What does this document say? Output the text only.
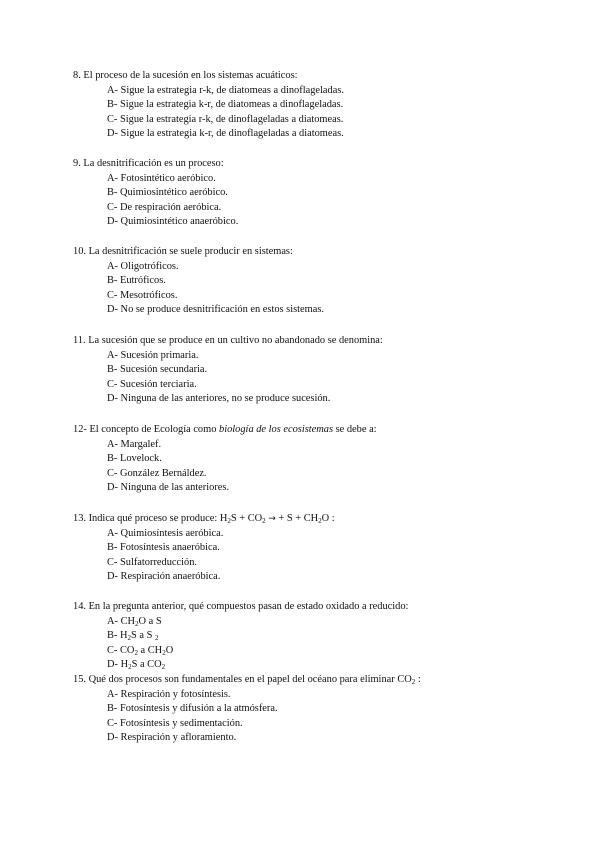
8. El proceso de la sucesión en los sistemas acuáticos:
A- Sigue la estrategia r-k, de diatomeas a dinoflageladas.
B- Sigue la estrategia k-r, de diatomeas a dinoflageladas.
C- Sigue la estrategia r-k, de dinoflageladas a diatomeas.
D- Sigue la estrategia k-r, de dinoflageladas a diatomeas.
9. La desnitrificación es un proceso:
A- Fotosintético aeróbico.
B- Quimiosintético aeróbico.
C- De respiración aeróbica.
D- Quimiosintético anaeróbico.
10. La desnitrificación se suele producir en sistemas:
A- Oligotróficos.
B- Eutróficos.
C- Mesotróficos.
D- No se produce desnitrificación en estos sistemas.
11. La sucesión que se produce en un cultivo no abandonado se denomina:
A- Sucesión primaria.
B- Sucesión secundaria.
C- Sucesión terciaria.
D- Ninguna de las anteriores, no se produce sucesión.
12- El concepto de Ecología como biología de los ecosistemas se debe a:
A- Margalef.
B- Lovelock.
C- González Bernáldez.
D- Ninguna de las anteriores.
13. Indica qué proceso se produce: $H_2S + CO_2$ → + $S + CH_2O$ :
A- Quimiosíntesis aeróbica.
B- Fotosíntesis anaeróbica.
C- Sulfatorreducción.
D- Respiración anaeróbica.
14. En la pregunta anterior, qué compuestos pasan de estado oxidado a reducido:
A- $CH_2O$ a S
B- $H_2S$ a S $_2$
C- $CO_2$ a $CH_2O$
D- $H_2S$ a $CO_2$
15. Qué dos procesos son fundamentales en el papel del océano para eliminar $CO_2$ :
A- Respiración y fotosíntesis.
B- Fotosíntesis y difusión a la atmósfera.
C- Fotosíntesis y sedimentación.
D- Respiración y afloramiento.
